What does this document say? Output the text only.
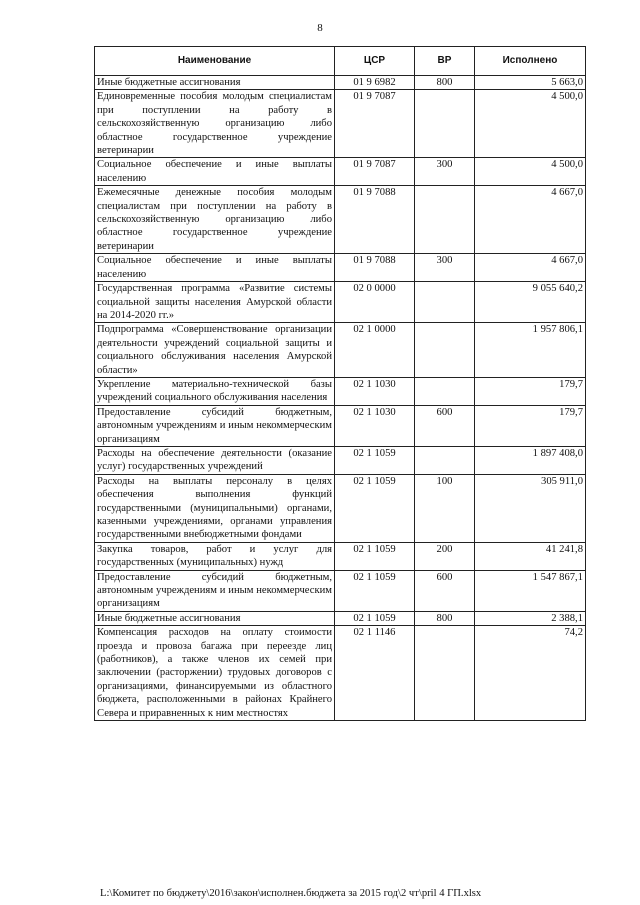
8
Наименование	ЦСР	ВР	Исполнено
Иные бюджетные ассигнования	01 9 6982	800	5 663,0
Единовременные пособия молодым специалистам при поступлении на работу в сельскохозяйственную организацию либо областное государственное учреждение ветеринарии	01 9 7087		4 500,0
Социальное обеспечение и иные выплаты населению	01 9 7087	300	4 500,0
Ежемесячные денежные пособия молодым специалистам при поступлении на работу в сельскохозяйственную организацию либо областное государственное учреждение ветеринарии	01 9 7088		4 667,0
Социальное обеспечение и иные выплаты населению	01 9 7088	300	4 667,0
Государственная программа «Развитие системы социальной защиты населения Амурской области на 2014-2020 гг.»	02 0 0000		9 055 640,2
Подпрограмма «Совершенствование организации деятельности учреждений социальной защиты и социального обслуживания населения Амурской области»	02 1 0000		1 957 806,1
Укрепление материально-технической базы учреждений социального обслуживания населения	02 1 1030		179,7
Предоставление субсидий бюджетным, автономным учреждениям и иным некоммерческим организациям	02 1 1030	600	179,7
Расходы на обеспечение деятельности (оказание услуг) государственных учреждений	02 1 1059		1 897 408,0
Расходы на выплаты персоналу в целях обеспечения выполнения функций государственными (муниципальными) органами, казенными учреждениями, органами управления государственными внебюджетными фондами	02 1 1059	100	305 911,0
Закупка товаров, работ и услуг для государственных (муниципальных) нужд	02 1 1059	200	41 241,8
Предоставление субсидий бюджетным, автономным учреждениям и иным некоммерческим организациям	02 1 1059	600	1 547 867,1
Иные бюджетные ассигнования	02 1 1059	800	2 388,1
Компенсация расходов на оплату стоимости проезда и провоза багажа при переезде лиц (работников), а также членов их семей при заключении (расторжении) трудовых договоров с организациями, финансируемыми из областного бюджета, расположенными в районах Крайнего Севера и приравненных к ним местностях	02 1 1146		74,2
L:\Комитет по бюджету\2016\закон\исполнен.бюджета за 2015 год\2 чт\pril 4 ГП.xlsx
